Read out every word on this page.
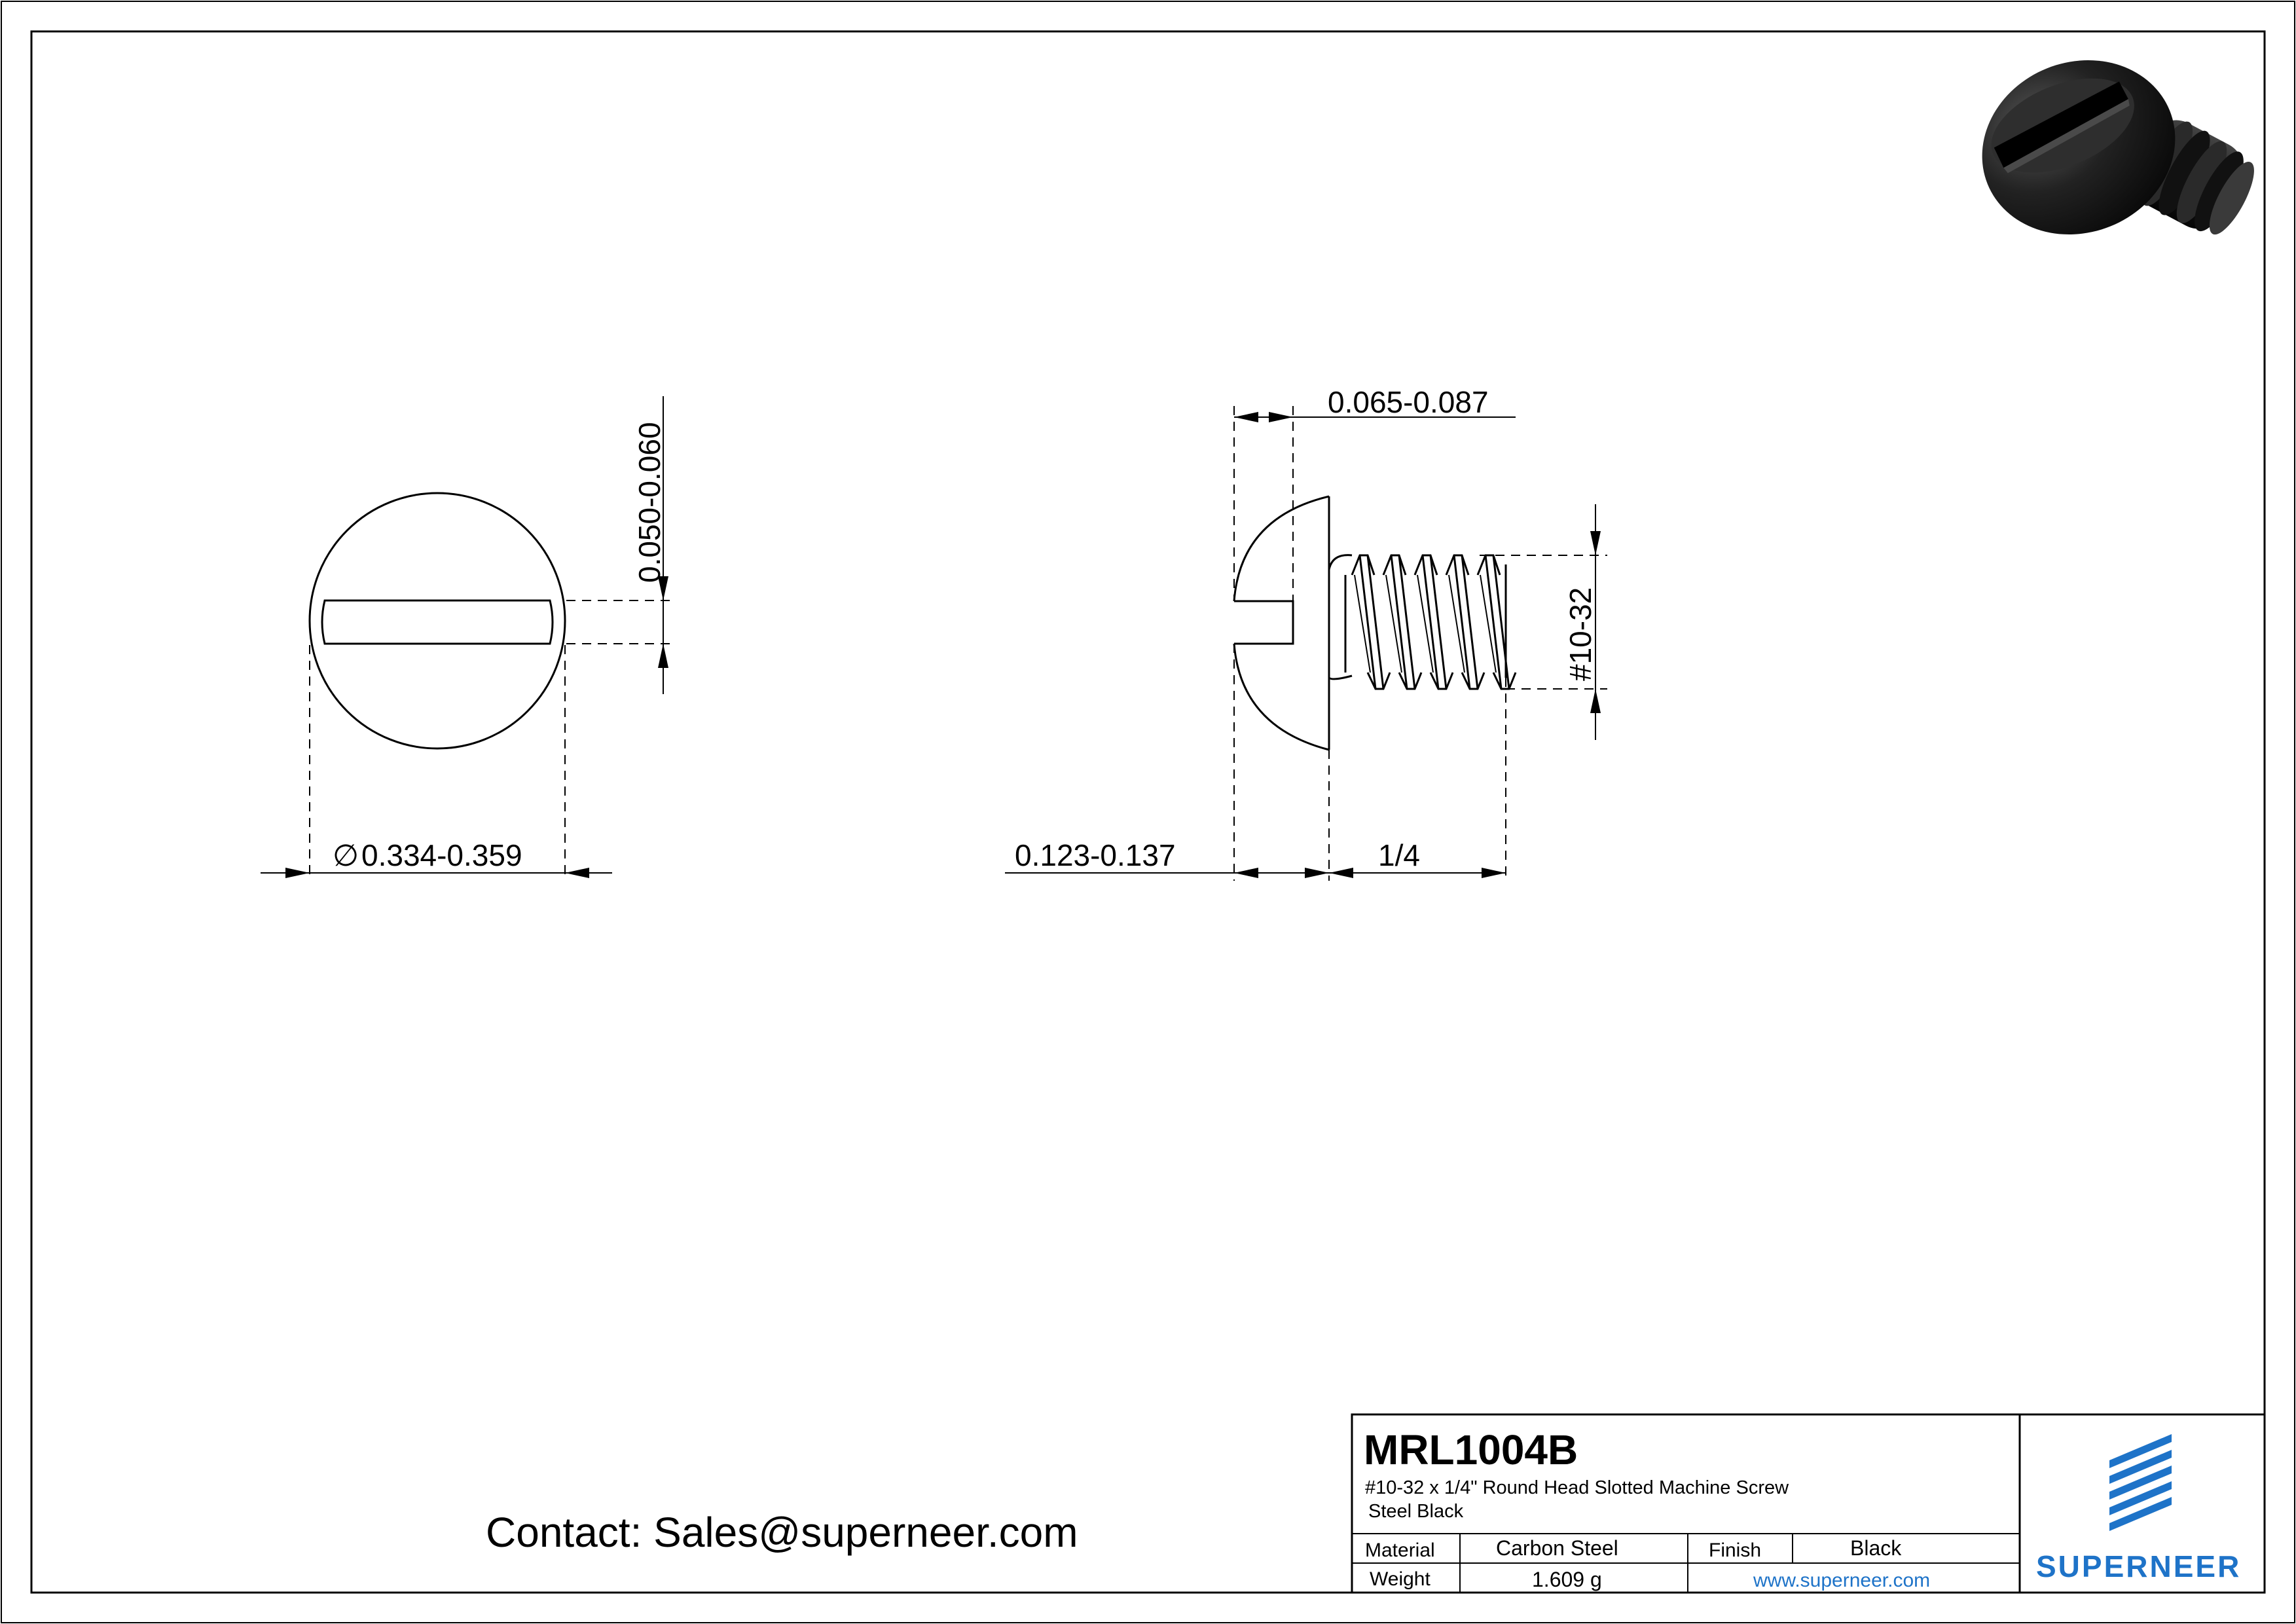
0.050-0.060
∅ 0.334-0.359
0.065-0.087
#10-32
0.123-0.137	1/4
Contact: Sales@superneer.com
MRL1004B
#10-32 x 1/4" Round Head Slotted Machine Screw
Steel Black
Material	Carbon Steel	Finish	Black
Weight	1.609 g	www.superneer.com	SUPERNEER
